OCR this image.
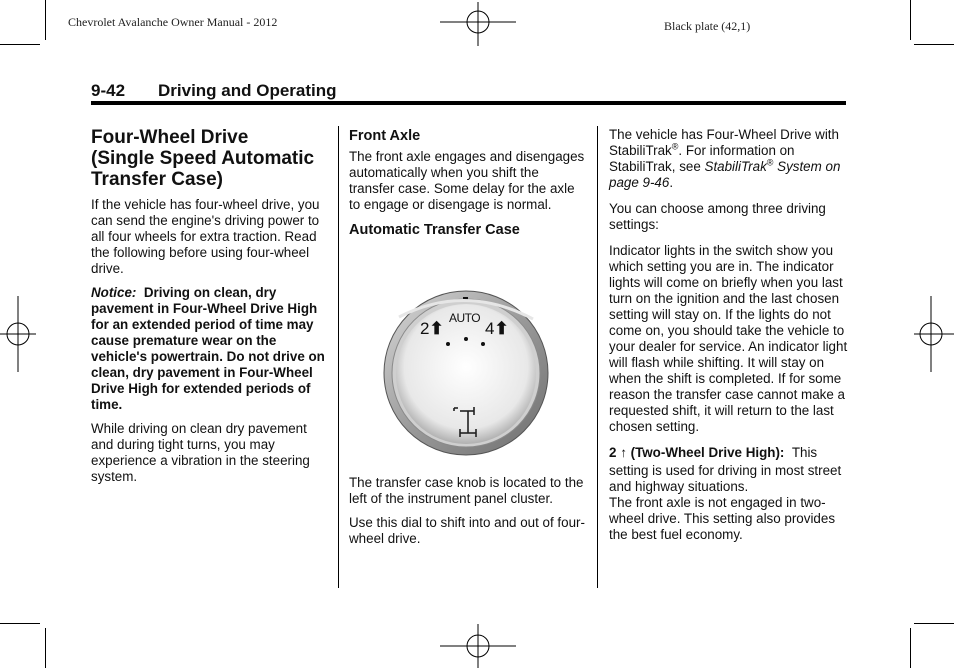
Chevrolet Avalanche Owner Manual - 2012	Black plate (42,1)
9-42 Driving and Operating
Four-Wheel Drive
(Single Speed Automatic
Transfer Case)

If the vehicle has four-wheel drive, you can send the engine's driving power to all four wheels for extra traction. Read the following before using four-wheel drive.

Notice: Driving on clean, dry pavement in Four-Wheel Drive High for an extended period of time may cause premature wear on the vehicle's powertrain. Do not drive on clean, dry pavement in Four-Wheel Drive High for extended periods of time.

While driving on clean dry pavement and during tight turns, you may experience a vibration in the steering system.

Front Axle

The front axle engages and disengages automatically when you shift the transfer case. Some delay for the axle to engage or disengage is normal.

Automatic Transfer Case
2⬆
AUTO
4⬆

The transfer case knob is located to the left of the instrument panel cluster.

Use this dial to shift into and out of four-wheel drive.

The vehicle has Four-Wheel Drive with StabiliTrak®. For information on StabiliTrak, see StabiliTrak® System on page 9-46.

You can choose among three driving settings:

Indicator lights in the switch show you which setting you are in. The indicator lights will come on briefly when you last turn on the ignition and the last chosen setting will stay on. If the lights do not come on, you should take the vehicle to your dealer for service. An indicator light will flash while shifting. It will stay on when the shift is completed. If for some reason the transfer case cannot make a requested shift, it will return to the last chosen setting.

2 ↑ (Two-Wheel Drive High): This

setting is used for driving in most street and highway situations.

The front axle is not engaged in two-wheel drive. This setting also provides the best fuel economy.
